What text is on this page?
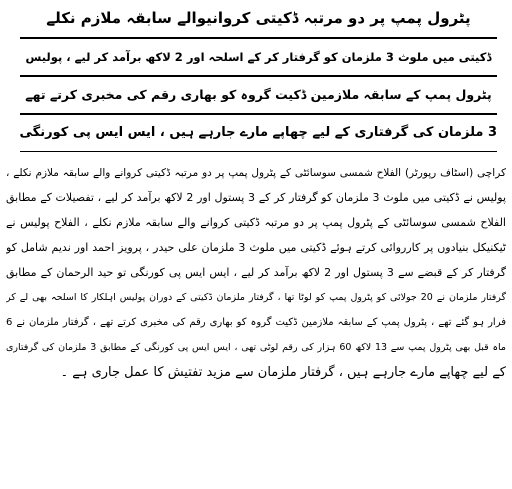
پٹرول پمپ پر دو مرتبہ ڈکیتی کروانیوالے سابقہ ملازم نکلے
ڈکیتی میں ملوث 3 ملزمان کو گرفتار کر کے اسلحہ اور 2 لاکھ برآمد کر لیے ، پولیس
پٹرول پمپ کے سابقہ ملازمین ڈکیت گروہ کو بھاری رقم کی مخبری کرتے تھے
3 ملزمان کی گرفتاری کے لیے چھاپے مارے جارہے ہیں ، ایس ایس پی کورنگی
کراچی (اسٹاف رپورٹر) الفلاح شمسی سوسائٹی کے پٹرول پمپ پر دو مرتبہ ڈکیتی کروانے والے سابقہ ملازم نکلے ،
پولیس نے ڈکیتی میں ملوث 3 ملزمان کو گرفتار کر کے 3 پستول اور 2 لاکھ برآمد کر لیے ، تفصیلات کے مطابق
الفلاح شمسی سوسائٹی کے پٹرول پمپ پر دو مرتبہ ڈکیتی کروانے والے سابقہ ملازم نکلے ، الفلاح پولیس نے
ٹیکنیکل بنیادوں پر کارروائی کرتے ہوئے ڈکیتی میں ملوث 3 ملزمان علی حیدر ، پرویز احمد اور ندیم شامل کو
گرفتار کر کے قبضے سے 3 پستول اور 2 لاکھ برآمد کر لیے ، ایس ایس پی کورنگی تو حید الرحمان کے مطابق
گرفتار ملزمان نے 20 جولائی کو پٹرول پمپ کو لوٹا تھا ، گرفتار ملزمان ڈکیتی کے دوران پولیس اہلکار کا اسلحہ بھی لے کر
فرار ہو گئے تھے ، پٹرول پمپ کے سابقہ ملازمین ڈکیت گروہ کو بھاری رقم کی مخبری کرتے تھے ، گرفتار ملزمان نے 6
ماہ قبل بھی پٹرول پمپ سے 13 لاکھ 60 ہزار کی رقم لوٹی تھی ، ایس ایس پی کورنگی کے مطابق 3 ملزمان کی گرفتاری
کے لیے چھاپے مارے جارہے ہیں ، گرفتار ملزمان سے مزید تفتیش کا عمل جاری ہے ۔
